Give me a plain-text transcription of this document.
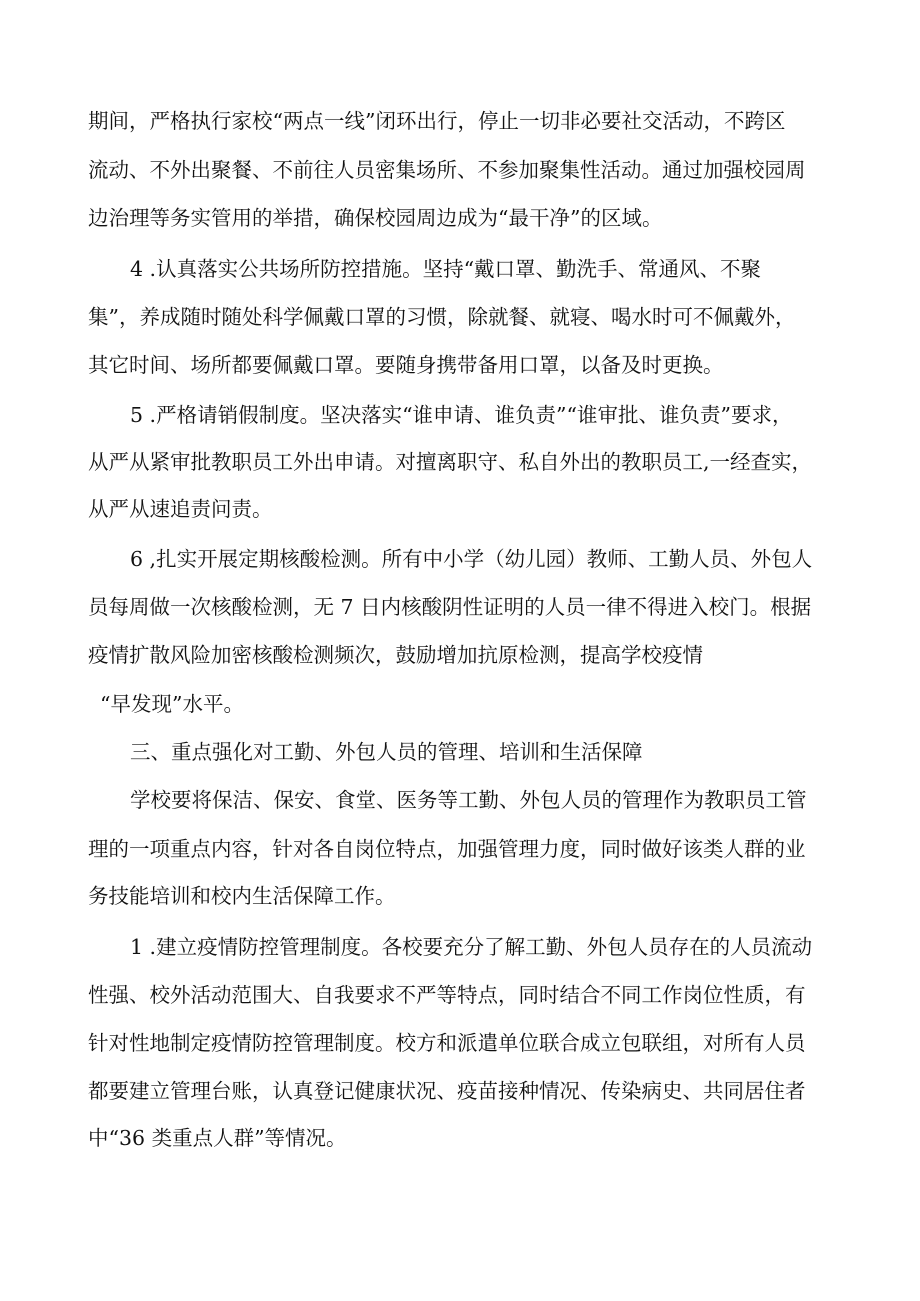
期间，严格执行家校“两点一线”闭环出行，停止一切非必要社交活动，不跨区
流动、不外出聚餐、不前往人员密集场所、不参加聚集性活动。通过加强校园周
边治理等务实管用的举措，确保校园周边成为“最干净”的区域。
4 .认真落实公共场所防控措施。坚持“戴口罩、勤洗手、常通风、不聚
集”，养成随时随处科学佩戴口罩的习惯，除就餐、就寝、喝水时可不佩戴外，
其它时间、场所都要佩戴口罩。要随身携带备用口罩，以备及时更换。
5 .严格请销假制度。坚决落实“谁申请、谁负责”“谁审批、谁负责”要求，
从严从紧审批教职员工外出申请。对擅离职守、私自外出的教职员工,一经查实，
从严从速追责问责。
6 ,扎实开展定期核酸检测。所有中小学（幼儿园）教师、工勤人员、外包人
员每周做一次核酸检测，无 7 日内核酸阴性证明的人员一律不得进入校门。根据
疫情扩散风险加密核酸检测频次，鼓励增加抗原检测，提高学校疫情
“早发现”水平。
三、重点强化对工勤、外包人员的管理、培训和生活保障
学校要将保洁、保安、食堂、医务等工勤、外包人员的管理作为教职员工管
理的一项重点内容，针对各自岗位特点，加强管理力度，同时做好该类人群的业
务技能培训和校内生活保障工作。
1 .建立疫情防控管理制度。各校要充分了解工勤、外包人员存在的人员流动
性强、校外活动范围大、自我要求不严等特点，同时结合不同工作岗位性质，有
针对性地制定疫情防控管理制度。校方和派遣单位联合成立包联组，对所有人员
都要建立管理台账，认真登记健康状况、疫苗接种情况、传染病史、共同居住者
中“36 类重点人群”等情况。
